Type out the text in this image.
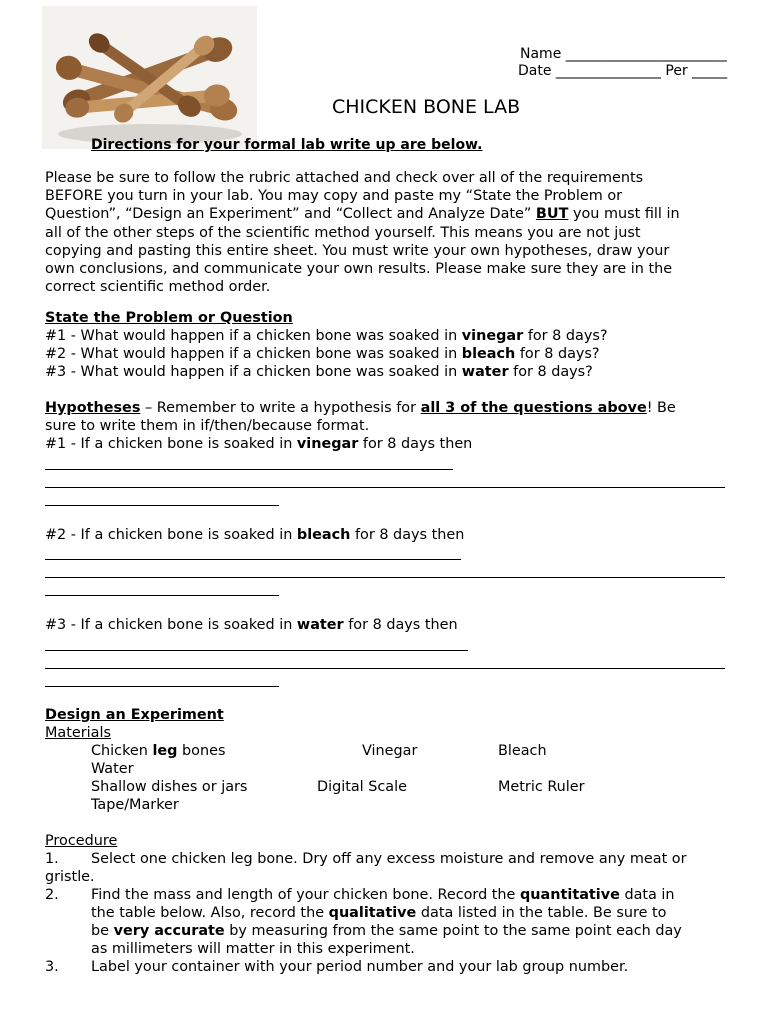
Name _______________________
Date _______________ Per _____
CHICKEN BONE LAB
Directions for your formal lab write up are below.
Please be sure to follow the rubric attached and check over all of the requirements
BEFORE you turn in your lab. You may copy and paste my “State the Problem or
Question”, “Design an Experiment” and “Collect and Analyze Date” BUT you must fill in
all of the other steps of the scientific method yourself. This means you are not just
copying and pasting this entire sheet. You must write your own hypotheses, draw your
own conclusions, and communicate your own results. Please make sure they are in the
correct scientific method order.
State the Problem or Question
#1 - What would happen if a chicken bone was soaked in vinegar for 8 days?
#2 - What would happen if a chicken bone was soaked in bleach for 8 days?
#3 - What would happen if a chicken bone was soaked in water for 8 days?
Hypotheses – Remember to write a hypothesis for all 3 of the questions above! Be
sure to write them in if/then/because format.
#1 - If a chicken bone is soaked in vinegar for 8 days then
#2 - If a chicken bone is soaked in bleach for 8 days then
#3 - If a chicken bone is soaked in water for 8 days then
Design an Experiment
Materials
Chicken leg bones	Vinegar	Bleach
Water
Shallow dishes or jars	Digital Scale	Metric Ruler
Tape/Marker
Procedure
1. Select one chicken leg bone. Dry off any excess moisture and remove any meat or
gristle.
2. Find the mass and length of your chicken bone. Record the quantitative data in
the table below. Also, record the qualitative data listed in the table. Be sure to
be very accurate by measuring from the same point to the same point each day
as millimeters will matter in this experiment.
3. Label your container with your period number and your lab group number.
